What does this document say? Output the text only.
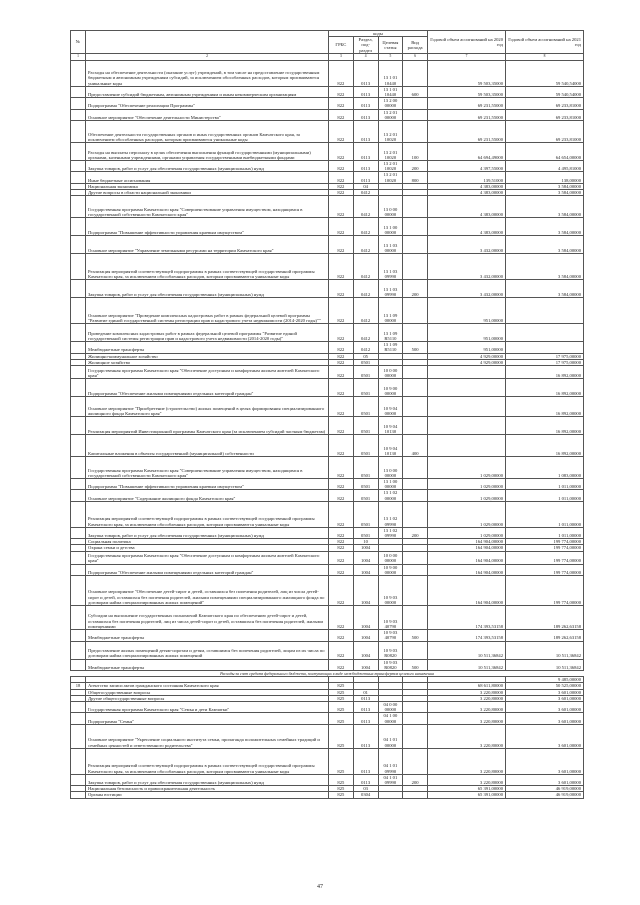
№		коды				Годовой объем ассигнований на 2020 год	Годовой объем ассигнований на 2021 год
		ГРБС	Раздел, под-раздел	Целевая статья	Вид расхода		
1	2	3	4	5	6	7	8
	Расходы на обеспечение деятельности (оказание услуг) учреждений, в том числе на предоставление государственным бюджетным и автономным учреждениям субсидий, за исключением обособленных расходов, которым присваиваются уникальные коды	822	0113	13 1 01 10440		59 503,35000	59 540,54000
	Предоставление субсидий бюджетным, автономным учреждениям и иным некоммерческим организациям	822	0113	13 1 01 10440	600	59 503,35000	59 540,54000
	Подпрограмма "Обеспечение реализации Программы"	822	0113	13 2 00 00000		69 231,55000	69 233,81000
	Основное мероприятие "Обеспечение деятельности Министерства"	822	0113	13 2 01 00000		69 231,55000	69 233,81000
	Обеспечение деятельности государственных органов и иных государственных органов Камчатского края, за исключением обособленных расходов, которым присваиваются уникальные коды	822	0113	13 2 01 10020		69 231,55000	69 233,81000
	Расходы на выплаты персоналу в целях обеспечения выполнения функций государственными (муниципальными) органами, казенными учреждениями, органами управления государственными внебюджетными фондами	822	0113	13 2 01 10020	100	64 694,49000	64 654,00000
	Закупка товаров, работ и услуг для обеспечения государственных (муниципальных) нужд	822	0113	13 2 01 10020	200	4 397,55000	4 495,81000
	Иные бюджетные ассигнования	822	0113	13 2 01 10020	800	139,51000	138,00000
	Национальная экономика	822	04			4 383,00000	3 584,00000
	Другие вопросы в области национальной экономики	822	0412			4 383,00000	3 584,00000
	Государственная программа Камчатского края "Совершенствование управления имуществом, находящимся в государственной собственности Камчатского края"	822	0412	13 0 00 00000		4 383,00000	3 584,00000
	Подпрограмма "Повышение эффективности управления краевым имуществом"	822	0412	13 1 00 00000		4 383,00000	3 584,00000
	Основное мероприятие "Управление земельными ресурсами на территории Камчатского края"	822	0412	13 1 03 00000		3 432,00000	3 584,00000
	Реализация мероприятий соответствующей подпрограммы в рамках соответствующей государственной программы Камчатского края, за исключением обособленных расходов, которым присваиваются уникальные коды	822	0412	13 1 03 09990		3 432,00000	3 584,00000
	Закупка товаров, работ и услуг для обеспечения государственных (муниципальных) нужд	822	0412	13 1 03 09990	200	3 432,00000	3 584,00000
	Основное мероприятие "Проведение комплексных кадастровых работ в рамках федеральной целевой программы "Развитие единой государственной системы регистрации прав и кадастрового учета недвижимости (2014-2020 годы)""	822	0412	13 1 09 00000		951,00000	
	Проведение комплексных кадастровых работ в рамках федеральной целевой программы "Развитие единой государственной системы регистрации прав и кадастрового учета недвижимости (2014-2020 годы)"	822	0412	13 1 09 R5110		951,00000	
	Межбюджетные трансферты	822	0412	13 1 09 R5110	500	951,00000	
	Жилищно-коммунальное хозяйство	822	05			4 929,00000	17 975,00000
	Жилищное хозяйство	822	0501			4 929,00000	17 975,00000
	Государственная программа Камчатского края "Обеспечение доступным и комфортным жильем жителей Камчатского края"	822	0501	10 0 00 00000			16 892,00000
	Подпрограмма "Обеспечение жилыми помещениями отдельных категорий граждан"	822	0501	10 9 00 00000			16 892,00000
	Основное мероприятие "Приобретение (строительство) жилых помещений в целях формирования специализированного жилищного фонда Камчатского края"	822	0501	10 9 04 00000			16 892,00000
	Реализация мероприятий Инвестиционной программы Камчатского края (за исключением субсидий частным бюджетам)	822	0501	10 9 04 10130			16 892,00000
	Капитальные вложения в объекты государственной (муниципальной) собственности	822	0501	10 9 04 10130	400		16 892,00000
	Государственная программа Камчатского края "Совершенствование управления имуществом, находящимся в государственной собственности Камчатского края"	822	0501	13 0 00 00000		1 029,00000	1 083,00000
	Подпрограмма "Повышение эффективности управления краевым имуществом"	822	0501	13 1 00 00000		1 029,00000	1 011,00000
	Основное мероприятие "Содержание жилищного фонда Камчатского края"	822	0501	13 1 02 00000		1 029,00000	1 011,00000
	Реализация мероприятий соответствующей подпрограммы в рамках соответствующей государственной программы Камчатского края, за исключением обособленных расходов, которым присваиваются уникальные коды	822	0501	13 1 02 09990		1 029,00000	1 011,00000
	Закупка товаров, работ и услуг для обеспечения государственных (муниципальных) нужд	822	0501	13 1 02 09990	200	1 029,00000	1 011,00000
	Социальная политика	822	10			164 904,00000	199 774,00000
	Охрана семьи и детства	822	1004			164 904,00000	199 774,00000
	Государственная программа Камчатского края "Обеспечение доступным и комфортным жильем жителей Камчатского края"	822	1004	10 0 00 00000		164 904,00000	199 774,00000
	Подпрограмма "Обеспечение жилыми помещениями отдельных категорий граждан"	822	1004	10 9 00 00000		164 904,00000	199 774,00000
	Основное мероприятие "Обеспечение детей-сирот и детей, оставшихся без попечения родителей, лиц из числа детей-сирот и детей, оставшихся без попечения родителей, жилыми помещениями специализированного жилищного фонда по договорам найма специализированных жилых помещений"	822	1004	10 9 03 00000		164 904,00000	199 774,00000
	Субсидии на выполнение государственных полномочий Камчатского края по обеспечению детей-сирот и детей, оставшихся без попечения родителей, лиц из числа детей-сирот и детей, оставшихся без попечения родителей, жилыми помещениями	822	1004	10 9 03 40790		174 393,53158	189 262,63158
	Межбюджетные трансферты	822	1004	10 9 03 40790	500	174 393,53158	189 262,63158
	Предоставление жилых помещений детям-сиротам и детям, оставшимся без попечения родителей, лицам из их числа по договорам найма специализированных жилых помещений	822	1004	10 9 03 R0820		10 511,36842	10 511,36842
	Межбюджетные трансферты	822	1004	10 9 03 R0820	500	10 511,36842	10 511,36842
Расходы за счет средств федерального бюджета, поступающих в виде межбюджетных трансфертов целевого назначения							
							9 485,00000
18	Агентство записи актов гражданского состояния Камчатского края	825				68 611,80000	50 525,00000
	Общегосударственные вопросы	825	01			3 220,80000	3 601,00000
	Другие общегосударственные вопросы	825	0113			3 220,80000	3 601,00000
	Государственная программа Камчатского края "Семья и дети Камчатки"	825	0113	04 0 00 00000		3 220,80000	3 601,00000
	Подпрограмма "Семья"	825	0113	04 1 00 00000		3 220,80000	3 601,00000
	Основное мероприятие "Укрепление социального института семьи, пропаганда положительных семейных традиций и семейных ценностей и ответственного родительства"	825	0113	04 1 01 00000		3 220,80000	3 601,00000
	Реализация мероприятий соответствующей подпрограммы в рамках соответствующей государственной программы Камчатского края, за исключением обособленных расходов, которым присваиваются уникальные коды	825	0113	04 1 01 09990		3 220,80000	3 601,00000
	Закупка товаров, работ и услуг для обеспечения государственных (муниципальных) нужд	825	0113	04 1 01 09990	200	3 220,80000	3 601,00000
	Национальная безопасность и правоохранительная деятельность	825	03			65 391,00000	46 919,00000
	Органы юстиции	825	0304			65 391,00000	46 919,00000
47
